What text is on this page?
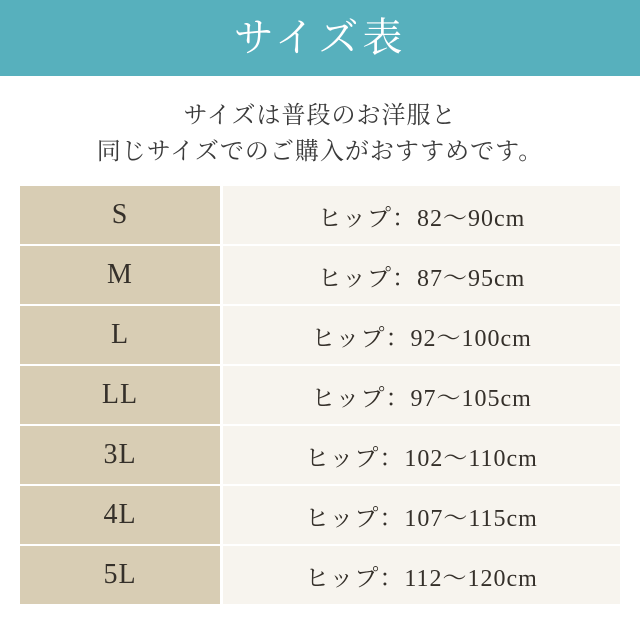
サイズ表
サイズは普段のお洋服と
同じサイズでのご購入がおすすめです。
S	ヒップ：82〜90cm
M	ヒップ：87〜95cm
L	ヒップ：92〜100cm
LL	ヒップ：97〜105cm
3L	ヒップ：102〜110cm
4L	ヒップ：107〜115cm
5L	ヒップ：112〜120cm
